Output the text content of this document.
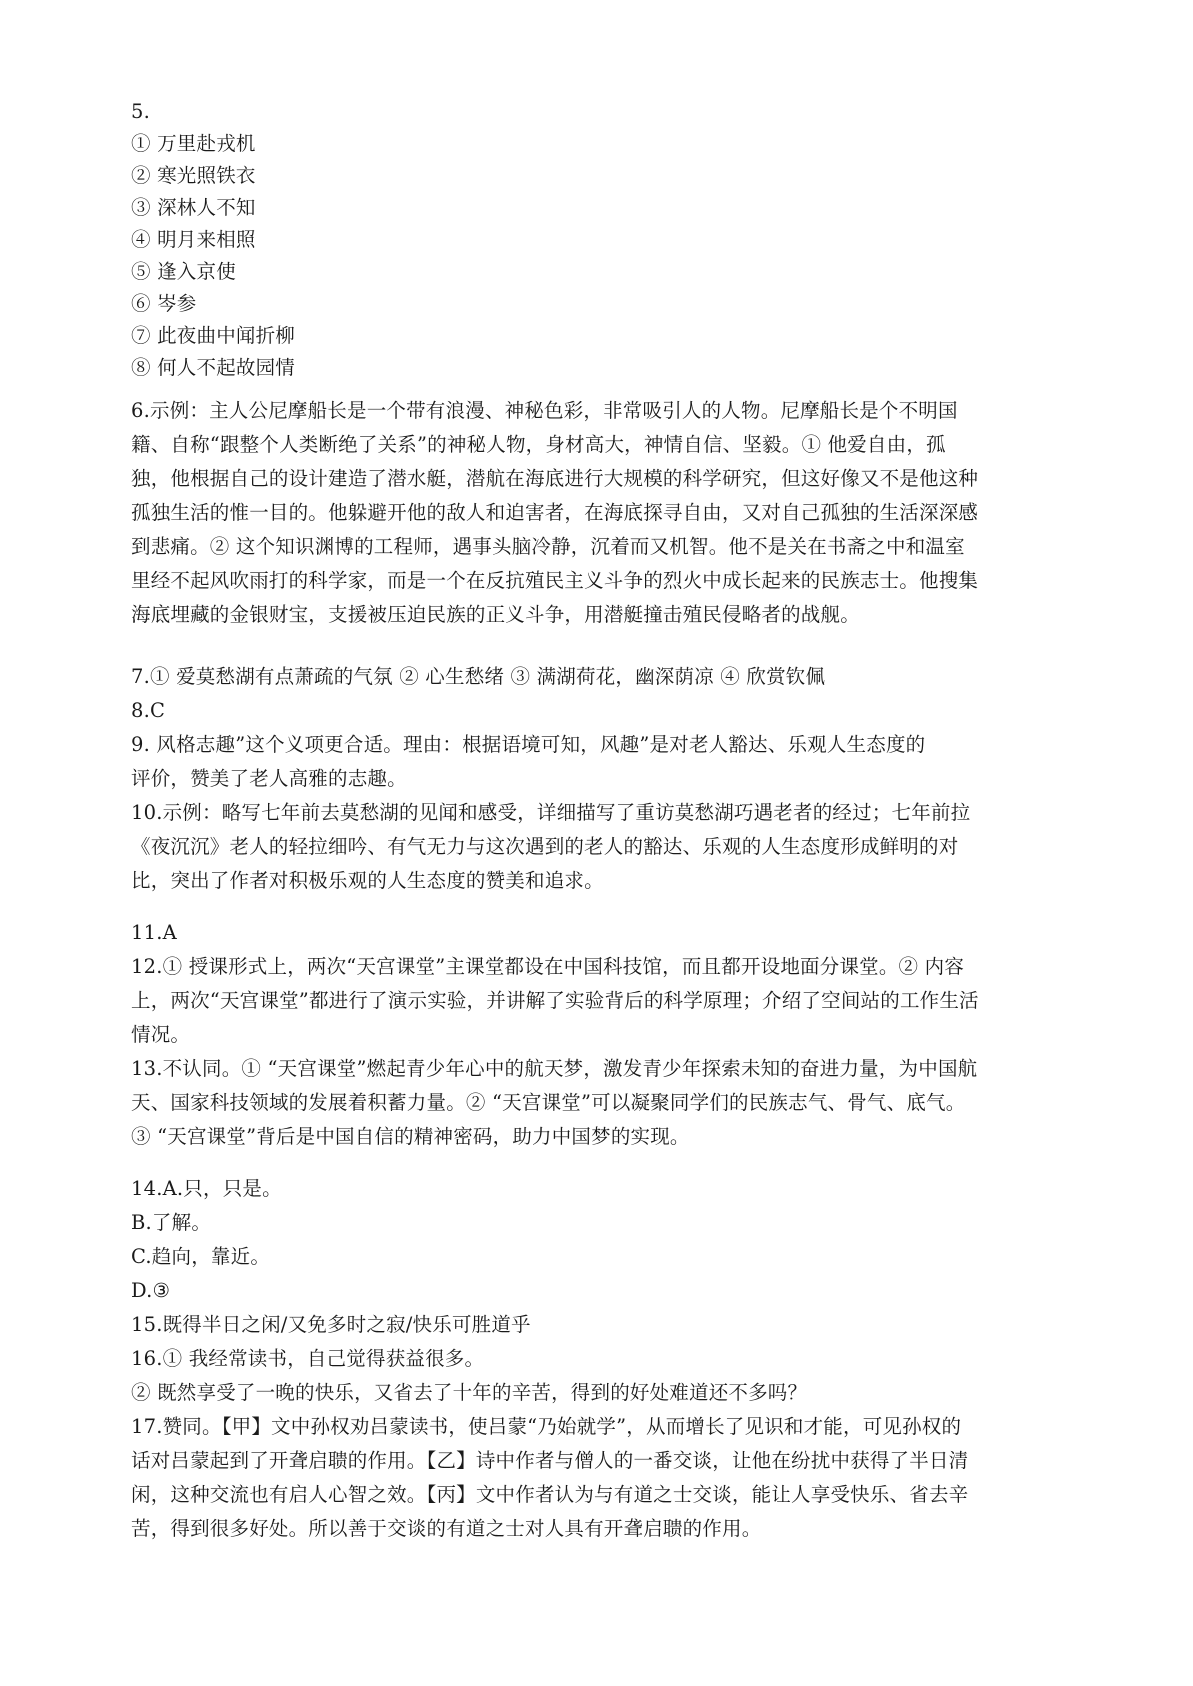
5.
① 万里赴戎机
② 寒光照铁衣
③ 深林人不知
④ 明月来相照
⑤ 逢入京使
⑥ 岑参
⑦ 此夜曲中闻折柳
⑧ 何人不起故园情
6.示例：主人公尼摩船长是一个带有浪漫、神秘色彩，非常吸引人的人物。尼摩船长是个不明国
籍、自称“跟整个人类断绝了关系”的神秘人物，身材高大，神情自信、坚毅。① 他爱自由，孤
独，他根据自己的设计建造了潜水艇，潜航在海底进行大规模的科学研究，但这好像又不是他这种
孤独生活的惟一目的。他躲避开他的敌人和迫害者，在海底探寻自由，又对自己孤独的生活深深感
到悲痛。② 这个知识渊博的工程师，遇事头脑冷静，沉着而又机智。他不是关在书斋之中和温室
里经不起风吹雨打的科学家，而是一个在反抗殖民主义斗争的烈火中成长起来的民族志士。他搜集
海底埋藏的金银财宝，支援被压迫民族的正义斗争，用潜艇撞击殖民侵略者的战舰。
7.① 爱莫愁湖有点萧疏的气氛 ② 心生愁绪 ③ 满湖荷花，幽深荫凉 ④ 欣赏钦佩
8.C
9. 风格志趣”这个义项更合适。理由：根据语境可知，风趣”是对老人豁达、乐观人生态度的
评价，赞美了老人高雅的志趣。
10.示例：略写七年前去莫愁湖的见闻和感受，详细描写了重访莫愁湖巧遇老者的经过；七年前拉
《夜沉沉》老人的轻拉细吟、有气无力与这次遇到的老人的豁达、乐观的人生态度形成鲜明的对
比，突出了作者对积极乐观的人生态度的赞美和追求。
11.A
12.① 授课形式上，两次“天宫课堂”主课堂都设在中国科技馆，而且都开设地面分课堂。② 内容
上，两次“天宫课堂”都进行了演示实验，并讲解了实验背后的科学原理；介绍了空间站的工作生活
情况。
13.不认同。① “天宫课堂”燃起青少年心中的航天梦，激发青少年探索未知的奋进力量，为中国航
天、国家科技领域的发展着积蓄力量。② “天宫课堂”可以凝聚同学们的民族志气、骨气、底气。
③ “天宫课堂”背后是中国自信的精神密码，助力中国梦的实现。
14.A.只，只是。
B.了解。
C.趋向，靠近。
D.③
15.既得半日之闲/又免多时之寂/快乐可胜道乎
16.① 我经常读书，自己觉得获益很多。
② 既然享受了一晚的快乐，又省去了十年的辛苦，得到的好处难道还不多吗？
17.赞同。【甲】文中孙权劝吕蒙读书，使吕蒙“乃始就学”，从而增长了见识和才能，可见孙权的
话对吕蒙起到了开聋启聩的作用。【乙】诗中作者与僧人的一番交谈，让他在纷扰中获得了半日清
闲，这种交流也有启人心智之效。【丙】文中作者认为与有道之士交谈，能让人享受快乐、省去辛
苦，得到很多好处。所以善于交谈的有道之士对人具有开聋启聩的作用。
